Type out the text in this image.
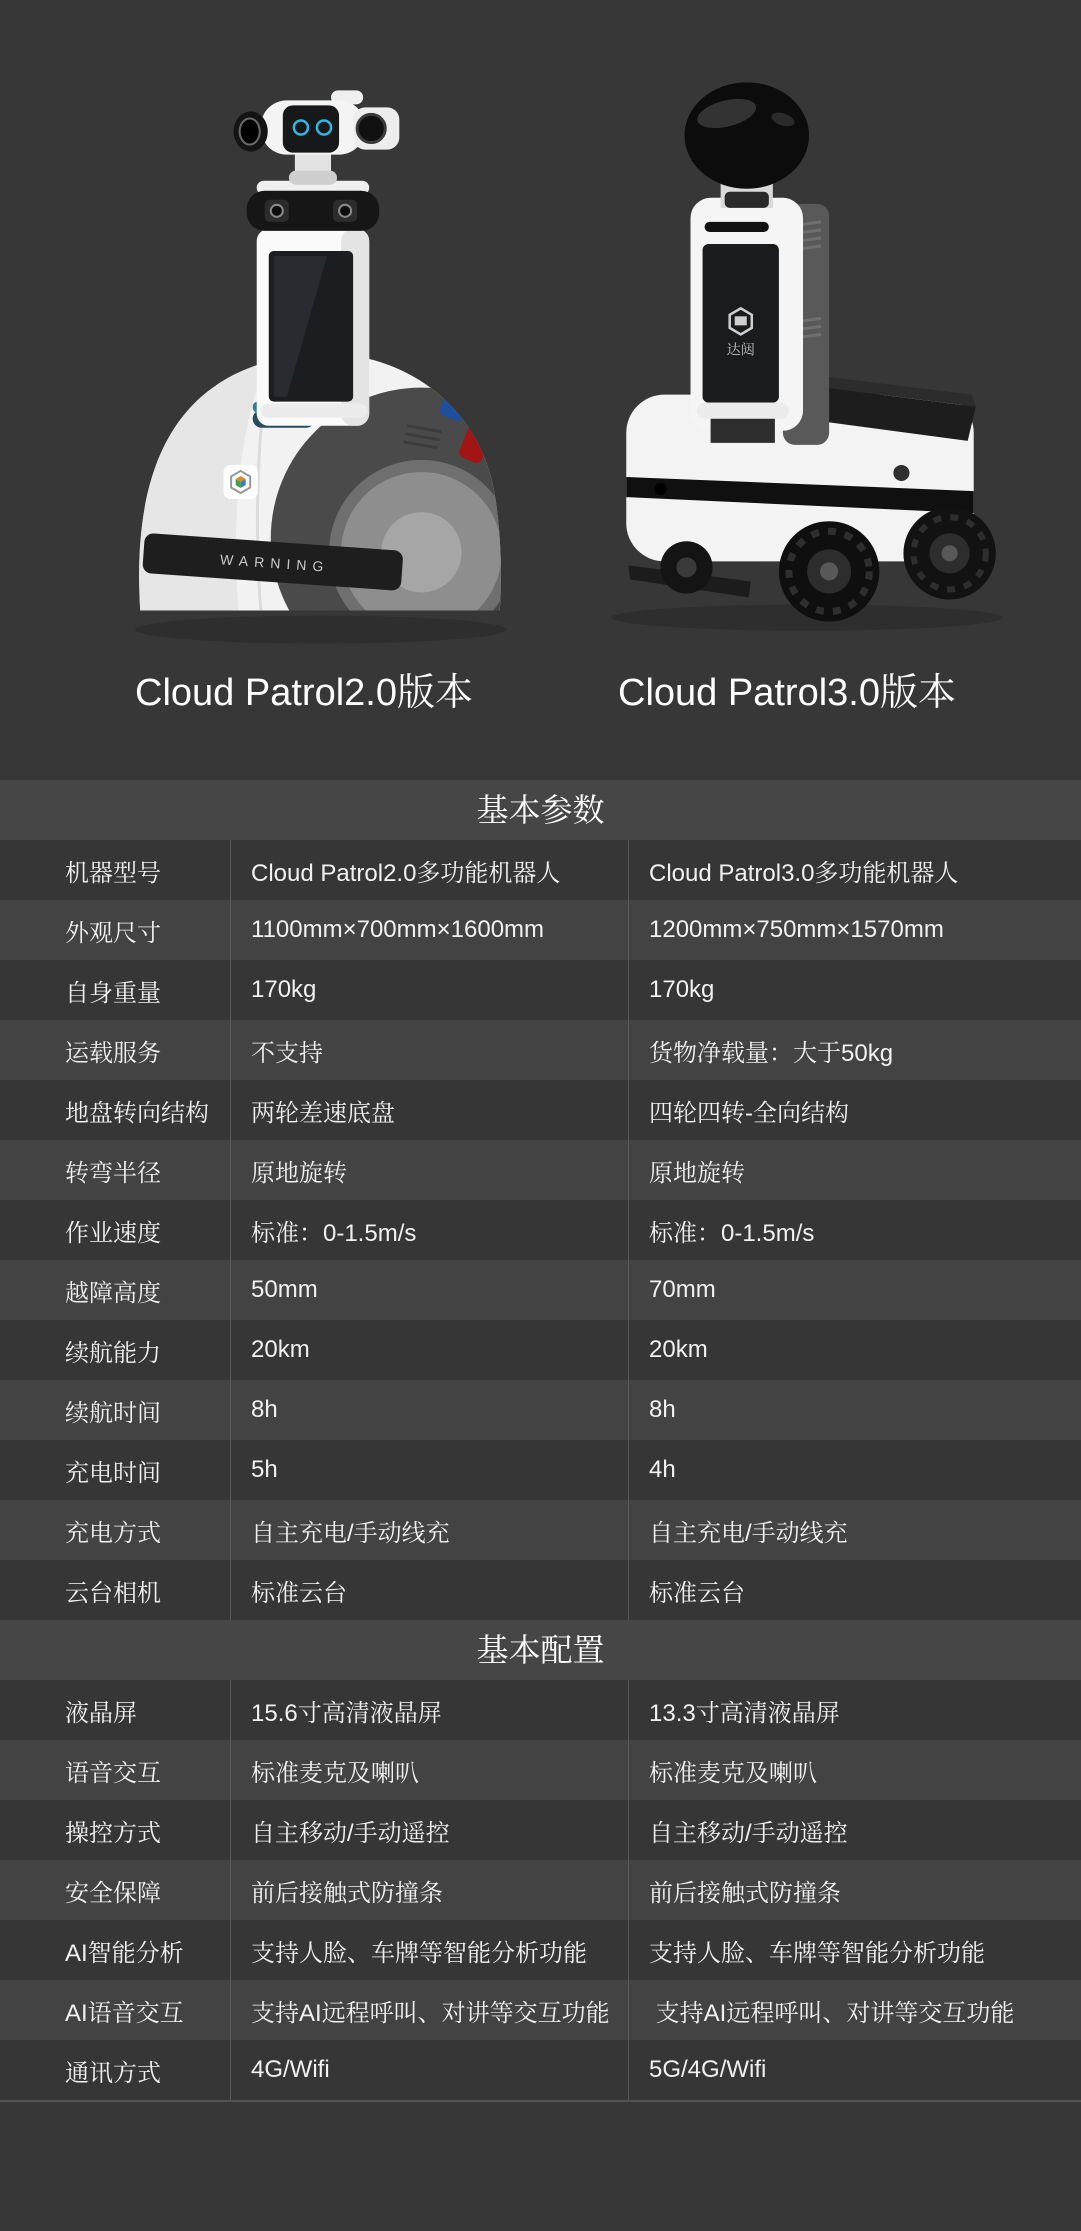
WARNING
达闼
Cloud Patrol2.0版本	Cloud Patrol3.0版本
基本参数
机器型号	Cloud Patrol2.0多功能机器人	Cloud Patrol3.0多功能机器人
外观尺寸	1100mm×700mm×1600mm	1200mm×750mm×1570mm
自身重量	170kg	170kg
运载服务	不支持	货物净载量：大于50kg
地盘转向结构	两轮差速底盘	四轮四转-全向结构
转弯半径	原地旋转	原地旋转
作业速度	标准：0-1.5m/s	标准：0-1.5m/s
越障高度	50mm	70mm
续航能力	20km	20km
续航时间	8h	8h
充电时间	5h	4h
充电方式	自主充电/手动线充	自主充电/手动线充
云台相机	标准云台	标准云台
基本配置
液晶屏	15.6寸高清液晶屏	13.3寸高清液晶屏
语音交互	标准麦克及喇叭	标准麦克及喇叭
操控方式	自主移动/手动遥控	自主移动/手动遥控
安全保障	前后接触式防撞条	前后接触式防撞条
AI智能分析	支持人脸、车牌等智能分析功能	支持人脸、车牌等智能分析功能
AI语音交互	支持AI远程呼叫、对讲等交互功能	支持AI远程呼叫、对讲等交互功能
通讯方式	4G/Wifi	5G/4G/Wifi
